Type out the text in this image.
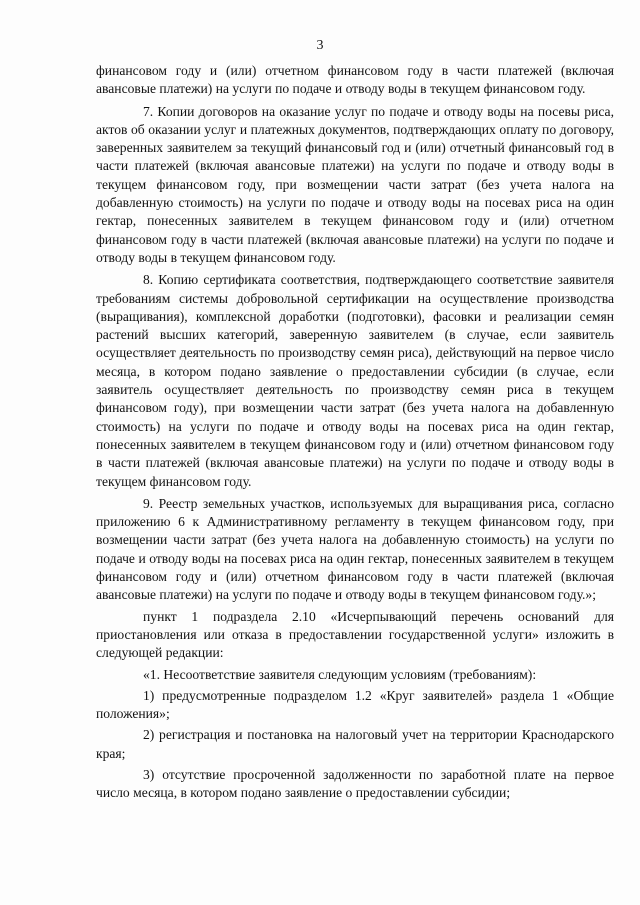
3

финансовом году и (или) отчетном финансовом году в части платежей (включая авансовые платежи) на услуги по подаче и отводу воды в текущем финансовом году.

7. Копии договоров на оказание услуг по подаче и отводу воды на посевы риса, актов об оказании услуг и платежных документов, подтверждающих оплату по договору, заверенных заявителем за текущий финансовый год и (или) отчетный финансовый год в части платежей (включая авансовые платежи) на услуги по подаче и отводу воды в текущем финансовом году, при возмещении части затрат (без учета налога на добавленную стоимость) на услуги по подаче и отводу воды на посевах риса на один гектар, понесенных заявителем в текущем финансовом году и (или) отчетном финансовом году в части платежей (включая авансовые платежи) на услуги по подаче и отводу воды в текущем финансовом году.

8. Копию сертификата соответствия, подтверждающего соответствие заявителя требованиям системы добровольной сертификации на осуществление производства (выращивания), комплексной доработки (подготовки), фасовки и реализации семян растений высших категорий, заверенную заявителем (в случае, если заявитель осуществляет деятельность по производству семян риса), действующий на первое число месяца, в котором подано заявление о предоставлении субсидии (в случае, если заявитель осуществляет деятельность по производству семян риса в текущем финансовом году), при возмещении части затрат (без учета налога на добавленную стоимость) на услуги по подаче и отводу воды на посевах риса на один гектар, понесенных заявителем в текущем финансовом году и (или) отчетном финансовом году в части платежей (включая авансовые платежи) на услуги по подаче и отводу воды в текущем финансовом году.

9. Реестр земельных участков, используемых для выращивания риса, согласно приложению 6 к Административному регламенту в текущем финансовом году, при возмещении части затрат (без учета налога на добавленную стоимость) на услуги по подаче и отводу воды на посевах риса на один гектар, понесенных заявителем в текущем финансовом году и (или) отчетном финансовом году в части платежей (включая авансовые платежи) на услуги по подаче и отводу воды в текущем финансовом году.»;

пункт 1 подраздела 2.10 «Исчерпывающий перечень оснований для приостановления или отказа в предоставлении государственной услуги» изложить в следующей редакции:

«1. Несоответствие заявителя следующим условиям (требованиям):

1) предусмотренные подразделом 1.2 «Круг заявителей» раздела 1 «Общие положения»;

2) регистрация и постановка на налоговый учет на территории Краснодарского края;

3) отсутствие просроченной задолженности по заработной плате на первое число месяца, в котором подано заявление о предоставлении субсидии;
